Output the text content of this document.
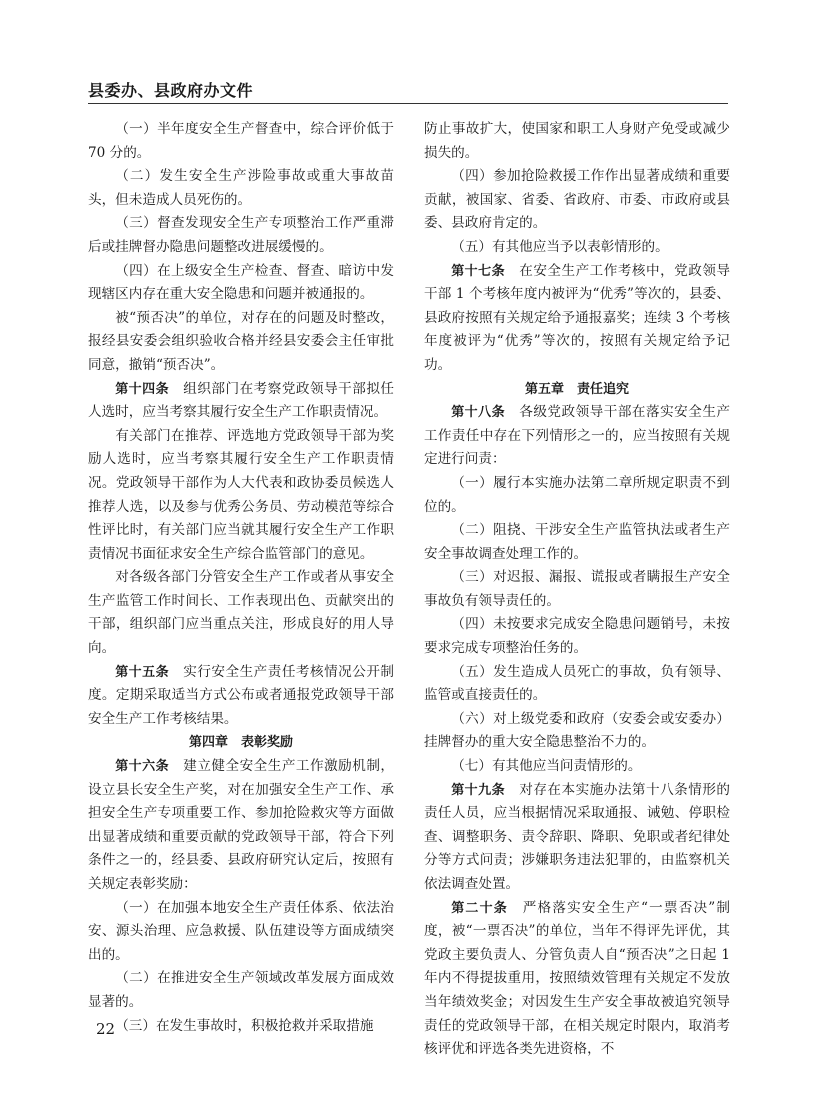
县委办、县政府办文件

（一）半年度安全生产督查中，综合评价低于 70 分的。

（二）发生安全生产涉险事故或重大事故苗头，但未造成人员死伤的。

（三）督查发现安全生产专项整治工作严重滞后或挂牌督办隐患问题整改进展缓慢的。

（四）在上级安全生产检查、督查、暗访中发现辖区内存在重大安全隐患和问题并被通报的。

被“预否决”的单位，对存在的问题及时整改，报经县安委会组织验收合格并经县安委会主任审批同意，撤销“预否决”。

第十四条　 组织部门在考察党政领导干部拟任人选时，应当考察其履行安全生产工作职责情况。

有关部门在推荐、评选地方党政领导干部为奖励人选时，应当考察其履行安全生产工作职责情况。党政领导干部作为人大代表和政协委员候选人推荐人选，以及参与优秀公务员、劳动模范等综合性评比时，有关部门应当就其履行安全生产工作职责情况书面征求安全生产综合监管部门的意见。

对各级各部门分管安全生产工作或者从事安全生产监管工作时间长、工作表现出色、贡献突出的干部，组织部门应当重点关注，形成良好的用人导向。

第十五条　 实行安全生产责任考核情况公开制度。定期采取适当方式公布或者通报党政领导干部安全生产工作考核结果。

第四章　表彰奖励

第十六条　 建立健全安全生产工作激励机制，设立县长安全生产奖，对在加强安全生产工作、承担安全生产专项重要工作、参加抢险救灾等方面做出显著成绩和重要贡献的党政领导干部，符合下列条件之一的，经县委、县政府研究认定后，按照有关规定表彰奖励：

（一）在加强本地安全生产责任体系、依法治安、源头治理、应急救援、队伍建设等方面成绩突出的。

（二）在推进安全生产领域改革发展方面成效显著的。

（三）在发生事故时，积极抢救并采取措施

防止事故扩大，使国家和职工人身财产免受或减少损失的。

（四）参加抢险救援工作作出显著成绩和重要贡献，被国家、省委、省政府、市委、市政府或县委、县政府肯定的。

（五）有其他应当予以表彰情形的。

第十七条　 在安全生产工作考核中，党政领导干部 1 个考核年度内被评为“优秀”等次的，县委、县政府按照有关规定给予通报嘉奖；连续 3 个考核年度被评为“优秀”等次的，按照有关规定给予记功。

第五章　责任追究

第十八条　 各级党政领导干部在落实安全生产工作责任中存在下列情形之一的，应当按照有关规定进行问责：

（一）履行本实施办法第二章所规定职责不到位的。

（二）阻挠、干涉安全生产监管执法或者生产安全事故调查处理工作的。

（三）对迟报、漏报、谎报或者瞒报生产安全事故负有领导责任的。

（四）未按要求完成安全隐患问题销号，未按要求完成专项整治任务的。

（五）发生造成人员死亡的事故，负有领导、监管或直接责任的。

（六）对上级党委和政府（安委会或安委办）挂牌督办的重大安全隐患整治不力的。

（七）有其他应当问责情形的。

第十九条　 对存在本实施办法第十八条情形的责任人员，应当根据情况采取通报、诫勉、停职检查、调整职务、责令辞职、降职、免职或者纪律处分等方式问责；涉嫌职务违法犯罪的，由监察机关依法调查处置。

第二十条　 严格落实安全生产“一票否决”制度，被“一票否决”的单位，当年不得评先评优，其党政主要负责人、分管负责人自“预否决”之日起 1 年内不得提拔重用，按照绩效管理有关规定不发放当年绩效奖金；对因发生生产安全事故被追究领导责任的党政领导干部，在相关规定时限内，取消考核评优和评选各类先进资格，不

22
